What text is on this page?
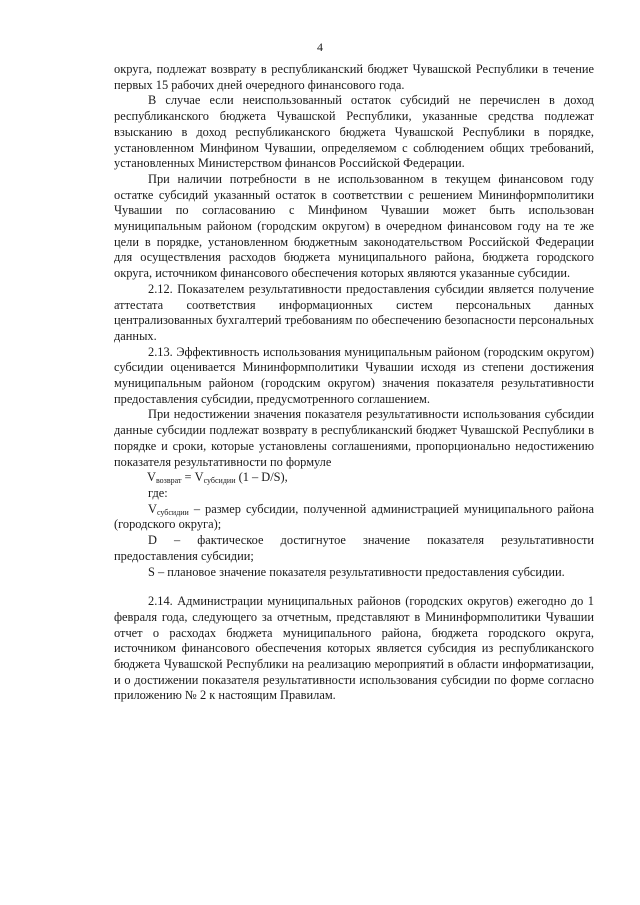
4

округа, подлежат возврату в республиканский бюджет Чувашской Республики в течение первых 15 рабочих дней очередного финансового года.

В случае если неиспользованный остаток субсидий не перечислен в доход республиканского бюджета Чувашской Республики, указанные средства подлежат взысканию в доход республиканского бюджета Чувашской Республики в порядке, установленном Минфином Чувашии, определяемом с соблюдением общих требований, установленных Министерством финансов Российской Федерации.

При наличии потребности в не использованном в текущем финансовом году остатке субсидий указанный остаток в соответствии с решением Мининформполитики Чувашии по согласованию с Минфином Чувашии может быть использован муниципальным районом (городским округом) в очередном финансовом году на те же цели в порядке, установленном бюджетным законодательством Российской Федерации для осуществления расходов бюджета муниципального района, бюджета городского округа, источником финансового обеспечения которых являются указанные субсидии.

2.12. Показателем результативности предоставления субсидии является получение аттестата соответствия информационных систем персональных данных централизованных бухгалтерий требованиям по обеспечению безопасности персональных данных.

2.13. Эффективность использования муниципальным районом (городским округом) субсидии оценивается Мининформполитики Чувашии исходя из степени достижения муниципальным районом (городским округом) значения показателя результативности предоставления субсидии, предусмотренного соглашением.

При недостижении значения показателя результативности использования субсидии данные субсидии подлежат возврату в республиканский бюджет Чувашской Республики в порядке и сроки, которые установлены соглашениями, пропорционально недостижению показателя результативности по формуле

$V_{возврат} = V_{субсидии}$ (1 – D/S),

где:

$V_{субсидии}$ – размер субсидии, полученной администрацией муниципального района (городского округа);

D – фактическое достигнутое значение показателя результативности предоставления субсидии;

S – плановое значение показателя результативности предоставления субсидии.

2.14. Администрации муниципальных районов (городских округов) ежегодно до 1 февраля года, следующего за отчетным, представляют в Мининформполитики Чувашии отчет о расходах бюджета муниципального района, бюджета городского округа, источником финансового обеспечения которых является субсидия из республиканского бюджета Чувашской Республики на реализацию мероприятий в области информатизации, и о достижении показателя результативности использования субсидии по форме согласно приложению № 2 к настоящим Правилам.
